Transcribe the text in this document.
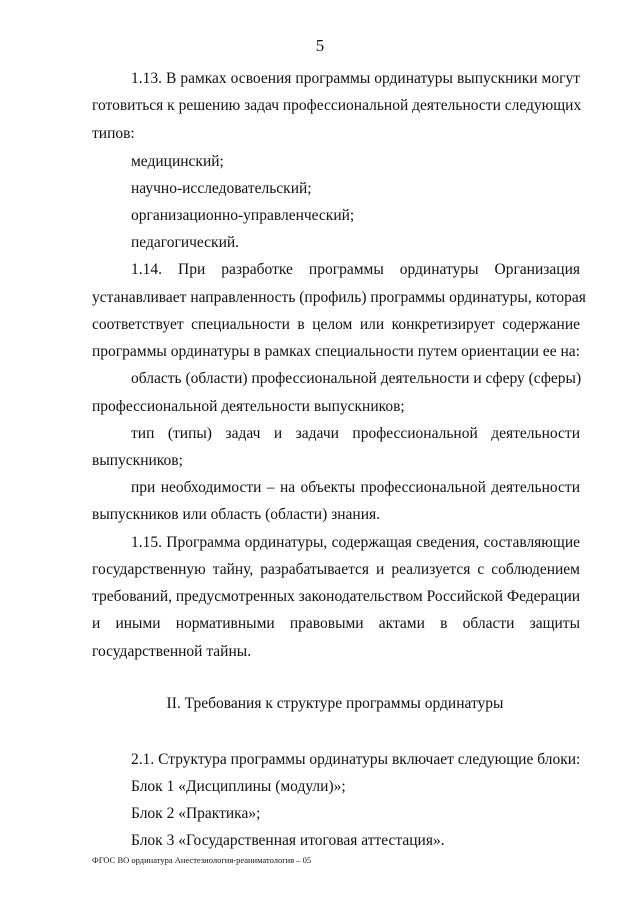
5
1.13. В рамках освоения программы ординатуры выпускники могут
готовиться к решению задач профессиональной деятельности следующих
типов:
медицинский;
научно-исследовательский;
организационно-управленческий;
педагогический.
1.14. При разработке программы ординатуры Организация
устанавливает направленность (профиль) программы ординатуры, которая
соответствует специальности в целом или конкретизирует содержание
программы ординатуры в рамках специальности путем ориентации ее на:
область (области) профессиональной деятельности и сферу (сферы)
профессиональной деятельности выпускников;
тип (типы) задач и задачи профессиональной деятельности
выпускников;
при необходимости – на объекты профессиональной деятельности
выпускников или область (области) знания.
1.15. Программа ординатуры, содержащая сведения, составляющие
государственную тайну, разрабатывается и реализуется с соблюдением
требований, предусмотренных законодательством Российской Федерации
и иными нормативными правовыми актами в области защиты
государственной тайны.
II. Требования к структуре программы ординатуры
2.1. Структура программы ординатуры включает следующие блоки:
Блок 1 «Дисциплины (модули)»;
Блок 2 «Практика»;
Блок 3 «Государственная итоговая аттестация».
ФГОС ВО ординатура Анестезиология-реаниматология – 05
